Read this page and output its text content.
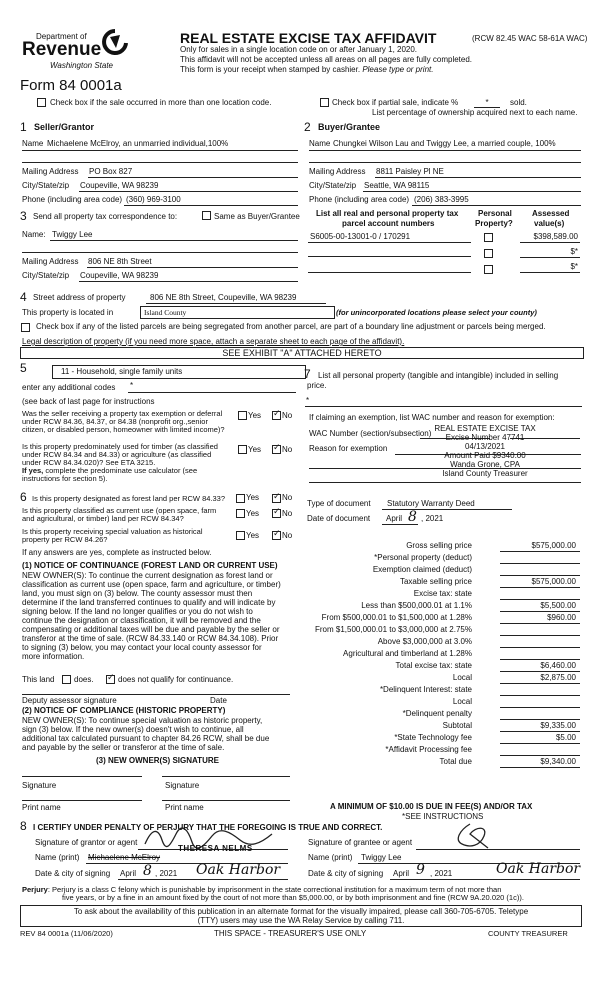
Department of
Revenue
Washington State
Form 84 0001a
REAL ESTATE EXCISE TAX AFFIDAVIT	(RCW 82.45 WAC 58-61A WAC)
Only for sales in a single location code on or after January 1, 2020.
This affidavit will not be accepted unless all areas on all pages are fully completed.
This form is your receipt when stamped by cashier. Please type or print.
Check box if the sale occurred in more than one location code.	Check box if partial sale, indicate %	*	sold.
List percentage of ownership acquired next to each name.
1 Seller/Grantor	2 Buyer/Grantee
Name Michaelene McElroy, an unmarried individual,100%	Name Chungkei Wilson Lau and Twiggy Lee, a married couple, 100%
Mailing Address PO Box 827
City/State/zip Coupeville, WA 98239
Phone (including area code) (360) 969-3100
Mailing Address 8811 Paisley Pl NE
City/State/zip Seattle, WA 98115
Phone (including area code) (206) 383-3995
3 Send all property tax correspondence to:	Same as Buyer/Grantee
Name: Twiggy Lee
Mailing Address 806 NE 8th Street
City/State/zip Coupeville, WA 98239
List all real and personal property tax
parcel account numbers
Personal
Property?
Assessed
value(s)
S6005-00-13001-0 / 170291	$398,589.00
$*
$*
4 Street address of property	806 NE 8th Street, Coupeville, WA 98239
This property is located in	Island County	(for unincorporated locations please select your county)
Check box if any of the listed parcels are being segregated from another parcel, are part of a boundary line adjustment or parcels being merged.
Legal description of property (if you need more space, attach a separate sheet to each page of the affidavit).
SEE EXHIBIT "A" ATTACHED HERETO
5	11 - Household, single family units
enter any additional codes *
(see back of last page for instructions
Was the seller receiving a property tax exemption or deferral
under RCW 84.36, 84.37, or 84.38 (nonprofit org.,senior
citizen, or disabled person, homeowner with limited income)?
Yes ✓	No
Is this property predominately used for timber (as classified
under RCW 84.34 and 84.33) or agriculture (as classified
under RCW 84.34.020)? See ETA 3215.
If yes, complete the predominate use calculator (see
instructions for section 5).
Yes ✓	No
6 Is this property designated as forest land per RCW 84.33?	Yes ✓	No
Is this property classified as current use (open space, farm
and agricultural, or timber) land per RCW 84.34?
Yes ✓	No
Is this property receiving special valuation as historical
property per RCW 84.26?	Yes ✓	No
If any answers are yes, complete as instructed below.
(1) NOTICE OF CONTINUANCE (FOREST LAND OR CURRENT USE)
NEW OWNER(S): To continue the current designation as forest land or
classification as current use (open space, farm and agriculture, or timber)
land, you must sign on (3) below. The county assessor must then
determine if the land transferred continues to qualify and will indicate by
signing below. If the land no longer qualifies or you do not wish to
continue the designation or classification, it will be removed and the
compensating or additional taxes will be due and payable by the seller or
transferor at the time of sale. (RCW 84.33.140 or RCW 84.34.108). Prior
to signing (3) below, you may contact your local county assessor for
more information.
This land does. ✓	does not qualify for continuance.
Deputy assessor signature	Date
(2) NOTICE OF COMPLIANCE (HISTORIC PROPERTY)
NEW OWNER(S): To continue special valuation as historic property,
sign (3) below. If the new owner(s) doesn't wish to continue, all
additional tax calculated pursuant to chapter 84.26 RCW, shall be due
and payable by the seller or transferor at the time of sale.
(3) NEW OWNER(S) SIGNATURE
Signature	Signature
Print name	Print name
7 List all personal property (tangible and intangible) included in selling
price.
*
If claiming an exemption, list WAC number and reason for exemption:
WAC Number (section/subsection)
Reason for exemption
REAL ESTATE EXCISE TAX
Excise Number 47741
04/13/2021
Amount Paid $9340.00
Wanda Grone, CPA
Island County Treasurer
Type of document Statutory Warranty Deed
Date of document April 8 , 2021
Gross selling price	$575,000.00
*Personal property (deduct)
Exemption claimed (deduct)
Taxable selling price	$575,000.00
Excise tax: state
Less than $500,000.01 at 1.1%	$5,500.00
From $500,000.01 to $1,500,000 at 1.28%	$960.00
From $1,500,000.01 to $3,000,000 at 2.75%
Above $3,000,000 at 3.0%
Agricultural and timberland at 1.28%
Total excise tax: state	$6,460.00
Local	$2,875.00
*Delinquent Interest: state
Local
*Delinquent penalty
Subtotal	$9,335.00
*State Technology fee	$5.00
*Affidavit Processing fee
Total due	$9,340.00
A MINIMUM OF $10.00 IS DUE IN FEE(S) AND/OR TAX
*SEE INSTRUCTIONS
8 I CERTIFY UNDER PENALTY OF PERJURY THAT THE FOREGOING IS TRUE AND CORRECT.
Signature of grantor or agent	Signature of grantee or agent
Name (print) Michaelene McElroy
THERESA NELMS
Name (print) Twiggy Lee
Date & city of signing April 8 , 2021 Oak Harbor	Date & city of signing April 9 , 2021	Oak Harbor
Perjury: Perjury is a class C felony which is punishable by imprisonment in the state correctional institution for a maximum term of not more than
five years, or by a fine in an amount fixed by the court of not more than $5,000.00, or by both imprisonment and fine (RCW 9A.20.020 (1c)).
To ask about the availability of this publication in an alternate format for the visually impaired, please call 360-705-6705. Teletype
(TTY) users may use the WA Relay Service by calling 711.
REV 84 0001a (11/06/2020)	THIS SPACE - TREASURER'S USE ONLY	COUNTY TREASURER
